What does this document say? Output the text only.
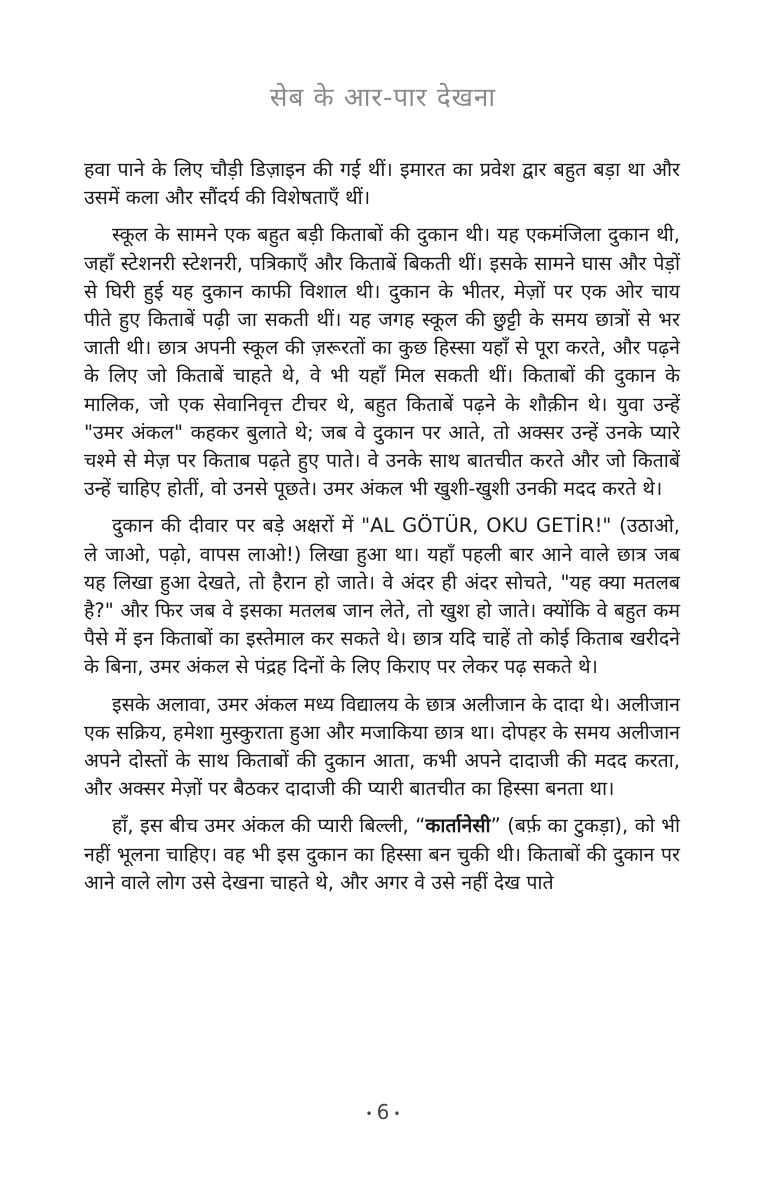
सेब के आर-पार देखना

हवा पाने के लिए चौड़ी डिज़ाइन की गई थीं। इमारत का प्रवेश द्वार बहुत बड़ा था और उसमें कला और सौंदर्य की विशेषताएँ थीं।

स्कूल के सामने एक बहुत बड़ी किताबों की दुकान थी। यह एकमंजिला दुकान थी, जहाँ स्टेशनरी स्टेशनरी, पत्रिकाएँ और किताबें बिकती थीं। इसके सामने घास और पेड़ों से घिरी हुई यह दुकान काफी विशाल थी। दुकान के भीतर, मेज़ों पर एक ओर चाय पीते हुए किताबें पढ़ी जा सकती थीं। यह जगह स्कूल की छुट्टी के समय छात्रों से भर जाती थी। छात्र अपनी स्कूल की ज़रूरतों का कुछ हिस्सा यहाँ से पूरा करते, और पढ़ने के लिए जो किताबें चाहते थे, वे भी यहाँ मिल सकती थीं। किताबों की दुकान के मालिक, जो एक सेवानिवृत्त टीचर थे, बहुत किताबें पढ़ने के शौक़ीन थे। युवा उन्हें "उमर अंकल" कहकर बुलाते थे; जब वे दुकान पर आते, तो अक्सर उन्हें उनके प्यारे चश्मे से मेज़ पर किताब पढ़ते हुए पाते। वे उनके साथ बातचीत करते और जो किताबें उन्हें चाहिए होतीं, वो उनसे पूछते। उमर अंकल भी खुशी-खुशी उनकी मदद करते थे।

दुकान की दीवार पर बड़े अक्षरों में "AL GÖTÜR, OKU GETİR!" (उठाओ, ले जाओ, पढ़ो, वापस लाओ!) लिखा हुआ था। यहाँ पहली बार आने वाले छात्र जब यह लिखा हुआ देखते, तो हैरान हो जाते। वे अंदर ही अंदर सोचते, "यह क्या मतलब है?" और फिर जब वे इसका मतलब जान लेते, तो खुश हो जाते। क्योंकि वे बहुत कम पैसे में इन किताबों का इस्तेमाल कर सकते थे। छात्र यदि चाहें तो कोई किताब खरीदने के बिना, उमर अंकल से पंद्रह दिनों के लिए किराए पर लेकर पढ़ सकते थे।

इसके अलावा, उमर अंकल मध्य विद्यालय के छात्र अलीजान के दादा थे। अलीजान एक सक्रिय, हमेशा मुस्कुराता हुआ और मजाकिया छात्र था। दोपहर के समय अलीजान अपने दोस्तों के साथ किताबों की दुकान आता, कभी अपने दादाजी की मदद करता, और अक्सर मेज़ों पर बैठकर दादाजी की प्यारी बातचीत का हिस्सा बनता था।

हाँ, इस बीच उमर अंकल की प्यारी बिल्ली, “कार्तानेसी” (बर्फ़ का टुकड़ा), को भी नहीं भूलना चाहिए। वह भी इस दुकान का हिस्सा बन चुकी थी। किताबों की दुकान पर आने वाले लोग उसे देखना चाहते थे, और अगर वे उसे नहीं देख पाते

• 6 •
